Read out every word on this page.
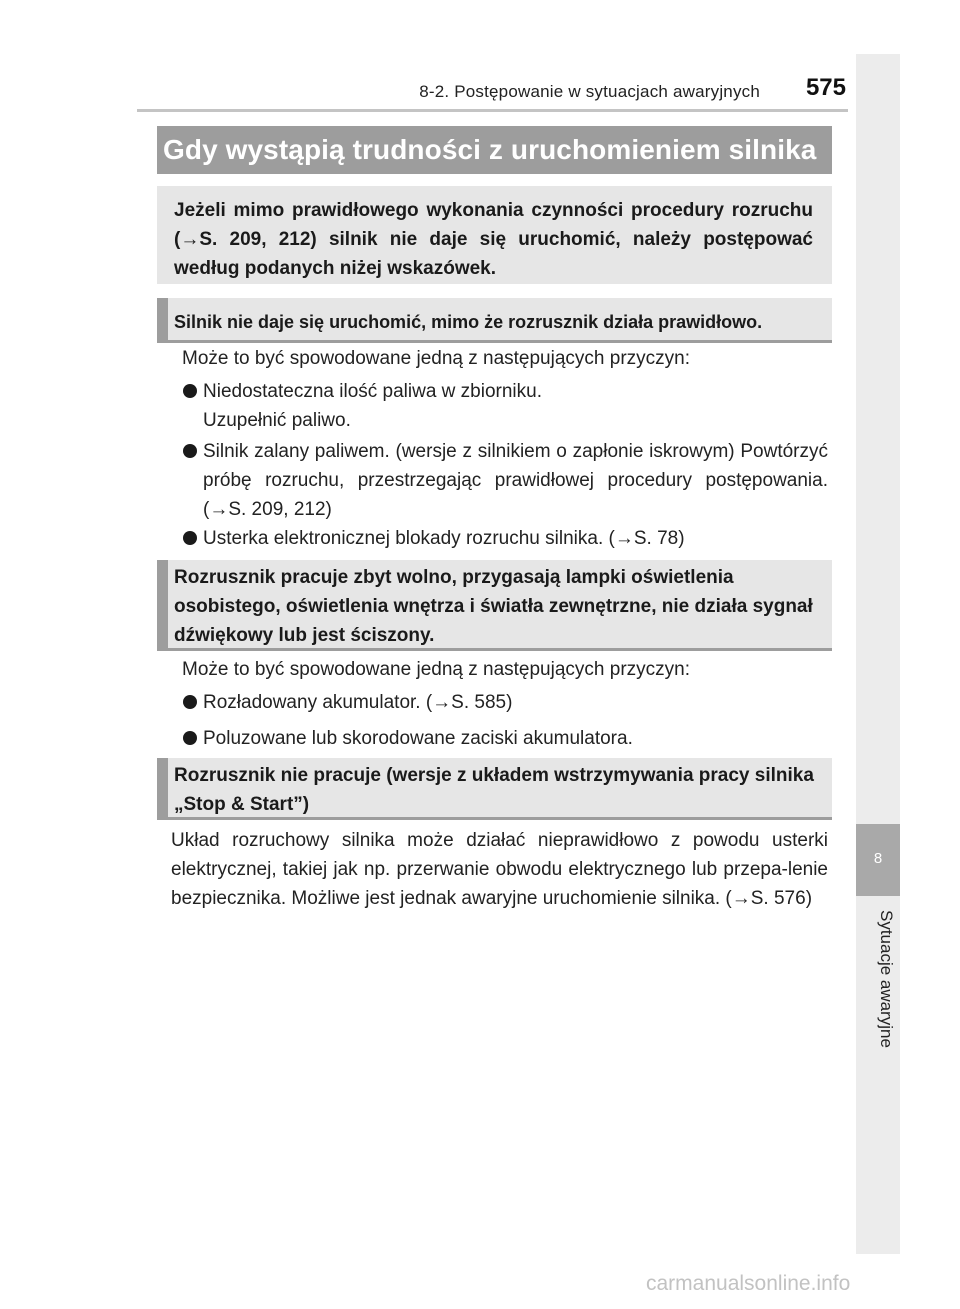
8-2. Postępowanie w sytuacjach awaryjnych	575
8
Sytuacje awaryjne
Gdy wystąpią trudności z uruchomieniem silnika
Jeżeli mimo prawidłowego wykonania czynności procedury rozruchu (→S. 209, 212) silnik nie daje się uruchomić, należy postępować według podanych niżej wskazówek.
Silnik nie daje się uruchomić, mimo że rozrusznik działa prawidłowo.
Może to być spowodowane jedną z następujących przyczyn:
Niedostateczna ilość paliwa w zbiorniku. Uzupełnić paliwo.
Silnik zalany paliwem. (wersje z silnikiem o zapłonie iskrowym) Powtórzyć próbę rozruchu, przestrzegając prawidłowej procedury postępowania. (→S. 209, 212)
Usterka elektronicznej blokady rozruchu silnika. (→S. 78)
Rozrusznik pracuje zbyt wolno, przygasają lampki oświetlenia osobistego, oświetlenia wnętrza i światła zewnętrzne, nie działa sygnał dźwiękowy lub jest ściszony.
Może to być spowodowane jedną z następujących przyczyn:
Rozładowany akumulator. (→S. 585)
Poluzowane lub skorodowane zaciski akumulatora.
Rozrusznik nie pracuje (wersje z układem wstrzymywania pracy silnika „Stop & Start”)
Układ rozruchowy silnika może działać nieprawidłowo z powodu usterki elektrycznej, takiej jak np. przerwanie obwodu elektrycznego lub przepa-lenie bezpiecznika. Możliwe jest jednak awaryjne uruchomienie silnika. (→S. 576)
carmanualsonline.info
